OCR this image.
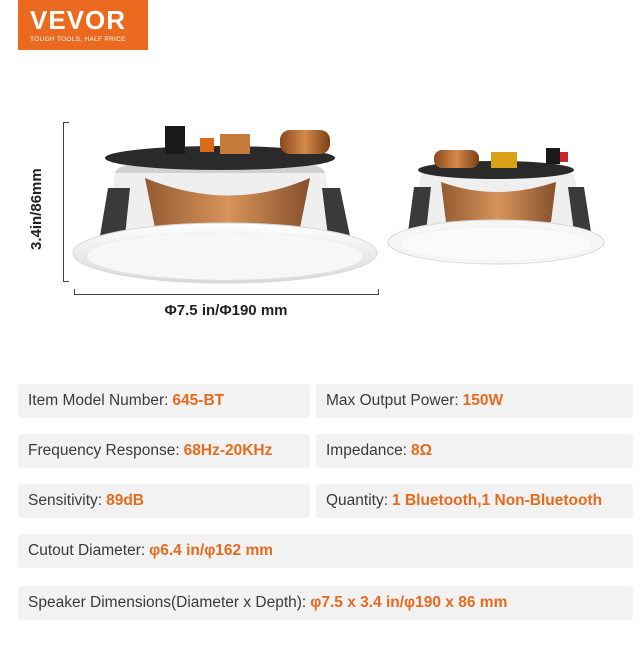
VEVOR
TOUGH TOOLS, HALF PRICE
3.4in/86mm
Φ7.5 in/Φ190 mm
Item Model Number: 645-BT	Max Output Power: 150W
Frequency Response: 68Hz-20KHz	Impedance: 8Ω
Sensitivity: 89dB	Quantity: 1 Bluetooth,1 Non-Bluetooth
Cutout Diameter: φ6.4 in/φ162 mm
Speaker Dimensions(Diameter x Depth): φ7.5 x 3.4 in/φ190 x 86 mm
